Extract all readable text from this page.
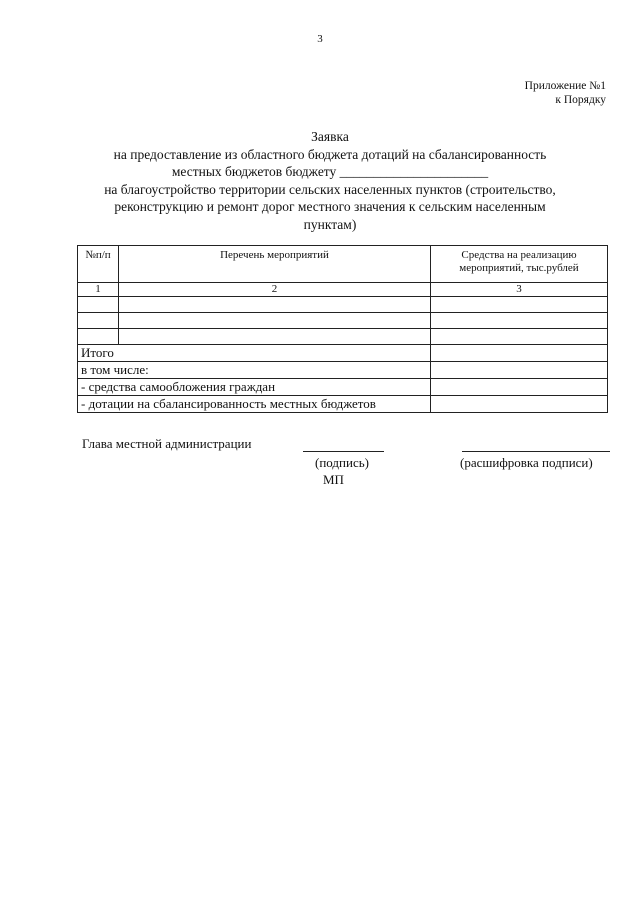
3
Приложение №1
к Порядку
Заявка
на предоставление из областного бюджета дотаций на сбалансированность
местных бюджетов бюджету ______________________
на благоустройство территории сельских населенных пунктов (строительство,
реконструкцию и ремонт дорог местного значения к сельским населенным
пунктам)
№п/п	Перечень мероприятий	Средства на реализацию мероприятий, тыс.рублей
1	2	3

Итого		
в том числе:		
- средства самообложения граждан		
- дотации на сбалансированность местных бюджетов		
Глава местной администрации
(подпись)	(расшифровка подписи)
МП
